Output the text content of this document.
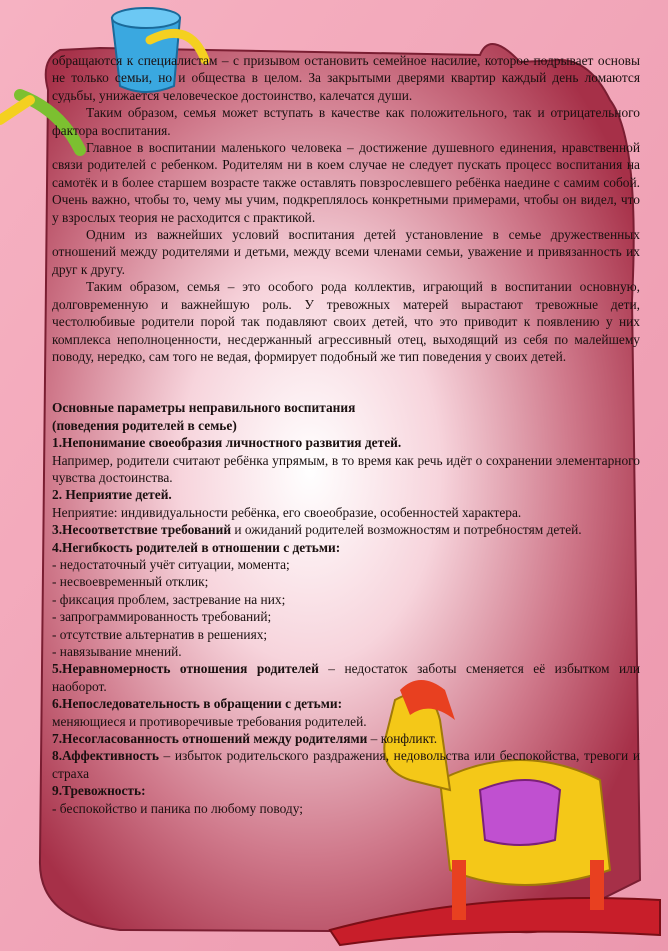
обращаются к специалистам – с призывом остановить семейное насилие, которое подрывает основы не только семьи, но и общества в целом. За закрытыми дверями квартир каждый день ломаются судьбы, унижается человеческое достоинство, калечатся души.

Таким образом, семья может вступать в качестве как положительного, так и отрицательного фактора воспитания.

Главное в воспитании маленького человека – достижение душевного единения, нравственной связи родителей с ребенком. Родителям ни в коем случае не следует пускать процесс воспитания на самотёк и в более старшем возрасте также оставлять повзрослевшего ребёнка наедине с самим собой. Очень важно, чтобы то, чему мы учим, подкреплялось конкретными примерами, чтобы он видел, что у взрослых теория не расходится с практикой.

Одним из важнейших условий воспитания детей установление в семье дружественных отношений между родителями и детьми, между всеми членами семьи, уважение и привязанность их друг к другу.

Таким образом, семья – это особого рода коллектив, играющий в воспитании основную, долговременную и важнейшую роль. У тревожных матерей вырастают тревожные дети, честолюбивые родители порой так подавляют своих детей, что это приводит к появлению у них комплекса неполноценности, несдержанный агрессивный отец, выходящий из себя по малейшему поводу, нередко, сам того не ведая, формирует подобный же тип поведения у своих детей.

Основные параметры неправильного воспитания

(поведения родителей в семье)

1.Непонимание своеобразия личностного развития детей.

Например, родители считают ребёнка упрямым, в то время как речь идёт о сохранении элементарного чувства достоинства.

2. Неприятие детей.

Неприятие: индивидуальности ребёнка, его своеобразие, особенностей характера.

3.Несоответствие требований и ожиданий родителей возможностям и потребностям детей.

4.Негибкость родителей в отношении с детьми:

- недостаточный учёт ситуации, момента;

- несвоевременный отклик;

- фиксация проблем, застревание на них;

- запрограммированность требований;

- отсутствие альтернатив в решениях;

- навязывание мнений.

5.Неравномерность отношения родителей – недостаток заботы сменяется её избытком или наоборот.

6.Непоследовательность в обращении с детьми:

меняющиеся и противоречивые требования родителей.

7.Несогласованность отношений между родителями – конфликт.

8.Аффективность – избыток родительского раздражения, недовольства или беспокойства, тревоги и страха

9.Тревожность:

- беспокойство и паника по любому поводу;
